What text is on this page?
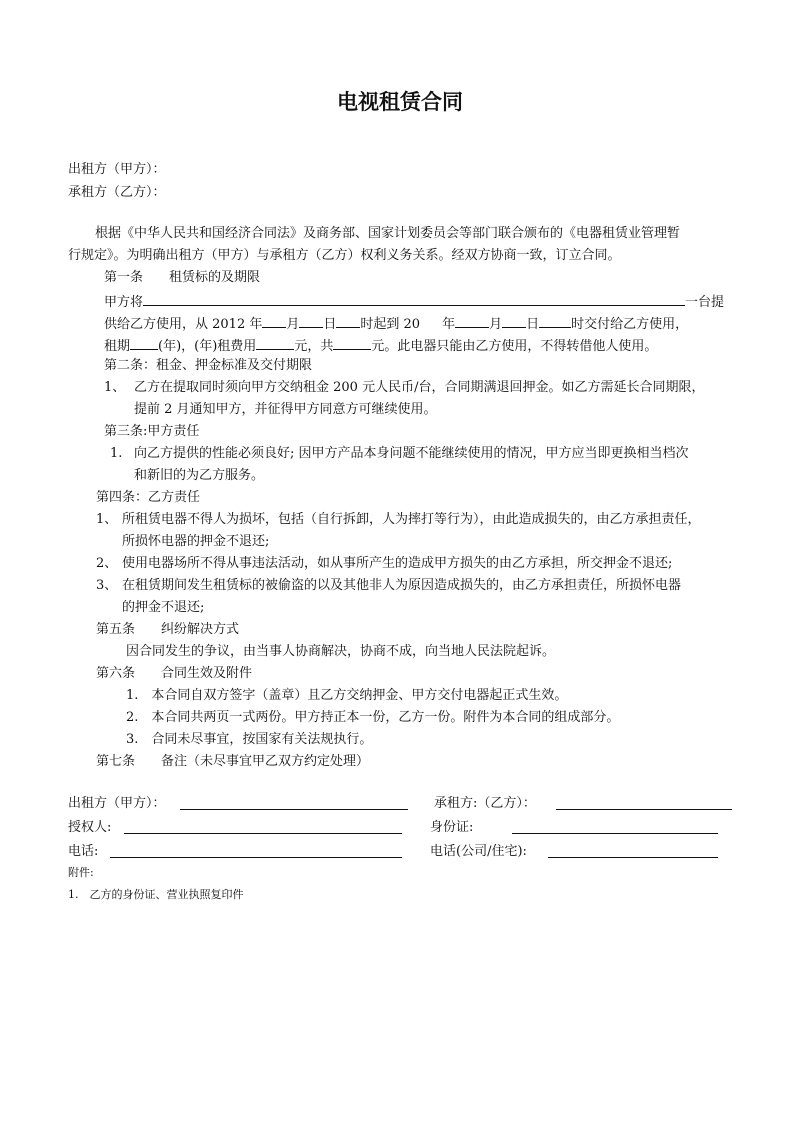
电视租赁合同
出租方（甲方）：
承租方（乙方）：
根据《中华人民共和国经济合同法》及商务部、国家计划委员会等部门联合颁布的《电器租赁业管理暂
行规定》。为明确出租方（甲方）与承租方（乙方）权利义务关系。经双方协商一致，订立合同。
第一条　　租赁标的及期限
甲方将	一台提
供给乙方使用，从 2012 年 月 日 时起到 20 年	月 日 时交付给乙方使用，
租期 (年)，(年)租费用	元，共	元。此电器只能由乙方使用，不得转借他人使用。
第二条：租金、押金标准及交付期限
1、 乙方在提取同时须向甲方交纳租金 200 元人民币/台，合同期满退回押金。如乙方需延长合同期限，
提前 2 月通知甲方，并征得甲方同意方可继续使用。
第三条:甲方责任
1. 向乙方提供的性能必须良好; 因甲方产品本身问题不能继续使用的情况，甲方应当即更换相当档次
和新旧的为乙方服务。
第四条：乙方责任
1、 所租赁电器不得人为损坏，包括（自行拆卸，人为摔打等行为），由此造成损失的，由乙方承担责任，
所损怀电器的押金不退还;
2、 使用电器场所不得从事违法活动，如从事所产生的造成甲方损失的由乙方承担，所交押金不退还;
3、 在租赁期间发生租赁标的被偷盗的以及其他非人为原因造成损失的，由乙方承担责任，所损怀电器
的押金不退还;
第五条　　纠纷解决方式
因合同发生的争议，由当事人协商解决，协商不成，向当地人民法院起诉。
第六条　　合同生效及附件
1.　本合同自双方签字（盖章）且乙方交纳押金、甲方交付电器起正式生效。
2.　本合同共两页一式两份。甲方持正本一份，乙方一份。附件为本合同的组成部分。
3.　合同未尽事宜，按国家有关法规执行。
第七条　　备注（未尽事宜甲乙双方约定处理）
出租方（甲方）：	承租方:（乙方）：
授权人:	身份证:
电话:	电话(公司/住宅):
附件:
1.　乙方的身份证、营业执照复印件
